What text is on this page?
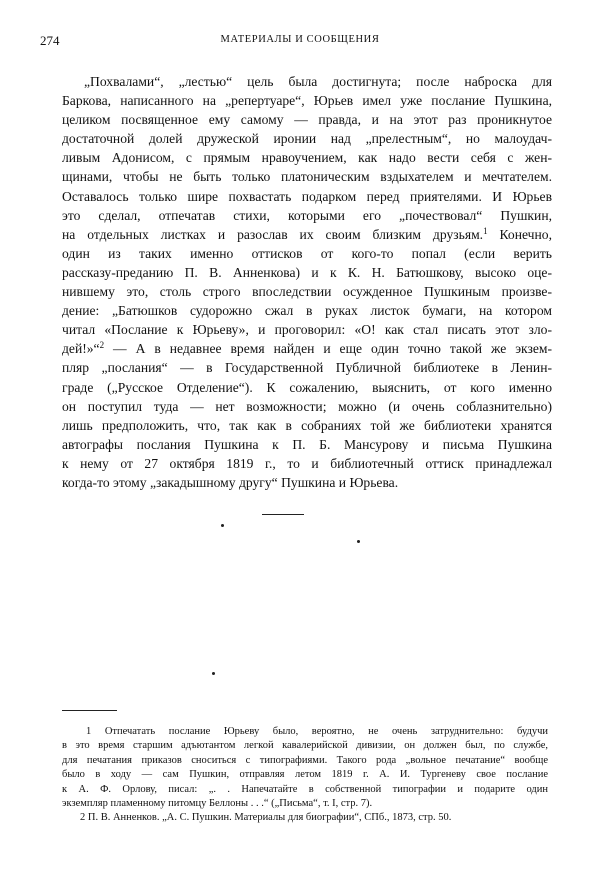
274	МАТЕРИАЛЫ И СООБЩЕНИЯ
„Похвалами“, „лестью“ цель была достигнута; после наброска для
Баркова, написанного на „репертуаре“, Юрьев имел уже послание Пушкина,
целиком посвященное ему самому — правда, и на этот раз проникнутое
достаточной долей дружеской иронии над „прелестным“, но малоудач-
ливым Адонисом, с прямым нравоучением, как надо вести себя с жен-
щинами, чтобы не быть только платоническим вздыхателем и мечтателем.
Оставалось только шире похвастать подарком перед приятелями. И Юрьев
это сделал, отпечатав стихи, которыми его „почествовал“ Пушкин,
на отдельных листках и разослав их своим близким друзьям.$^1$ Конечно,
один из таких именно оттисков от кого-то попал (если верить
рассказу-преданию П. В. Анненкова) и к К. Н. Батюшкову, высоко оце-
нившему это, столь строго впоследствии осужденное Пушкиным произве-
дение: „Батюшков судорожно сжал в руках листок бумаги, на котором
читал «Послание к Юрьеву», и проговорил: «О! как стал писать этот зло-
дей!»“$^2$ — А в недавнее время найден и еще один точно такой же экзем-
пляр „послания“ — в Государственной Публичной библиотеке в Ленин-
граде („Русское Отделение“). К сожалению, выяснить, от кого именно
он поступил туда — нет возможности; можно (и очень соблазнительно)
лишь предположить, что, так как в собраниях той же библиотеки хранятся
автографы послания Пушкина к П. Б. Мансурову и письма Пушкина
к нему от 27 октября 1819 г., то и библиотечный оттиск принадлежал
когда-то этому „закадышному другу“ Пушкина и Юрьева.
1 Отпечатать послание Юрьеву было, вероятно, не очень затруднительно: будучи
в это время старшим адъютантом легкой кавалерийской дивизии, он должен был, по службе,
для печатания приказов сноситься с типографиями. Такого рода „вольное печатание“ вообще
было в ходу — сам Пушкин, отправляя летом 1819 г. А. И. Тургеневу свое послание
к А. Ф. Орлову, писал: „. . Напечатайте в собственной типографии и подарите один
экземпляр пламенному питомцу Беллоны . . .“ („Письма“, т. I, стр. 7).
2 П. В. Анненков. „А. С. Пушкин. Материалы для биографии“, СПб., 1873, стр. 50.
